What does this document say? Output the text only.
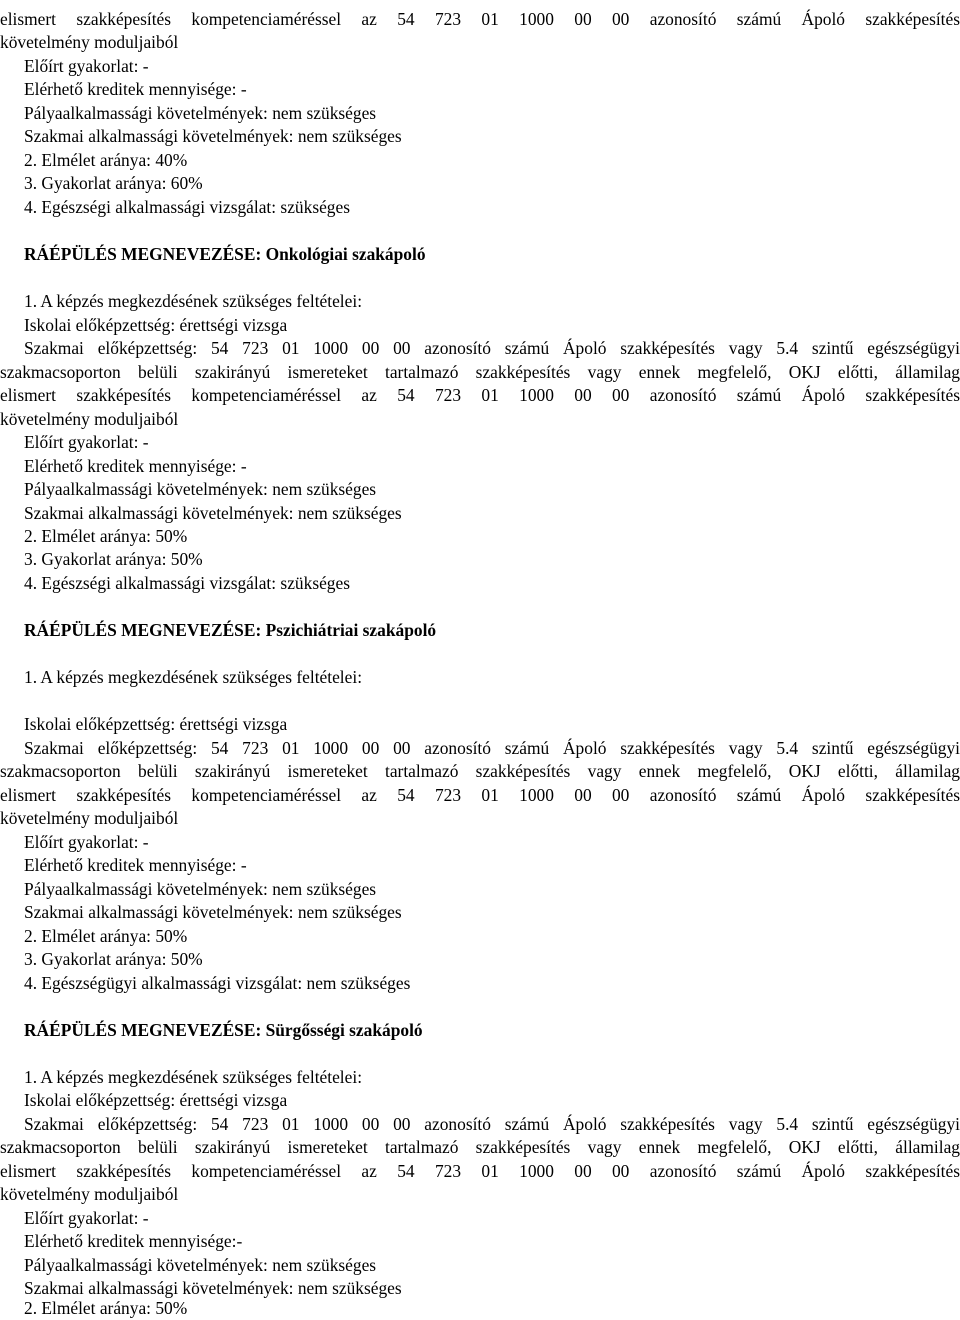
elismert szakképesítés kompetenciaméréssel az 54 723 01 1000 00 00 azonosító számú Ápoló szakképesítés
követelmény moduljaiból
Előírt gyakorlat: -
Elérhető kreditek mennyisége: -
Pályaalkalmassági követelmények: nem szükséges
Szakmai alkalmassági követelmények: nem szükséges
2. Elmélet aránya: 40%
3. Gyakorlat aránya: 60%
4. Egészségi alkalmassági vizsgálat: szükséges
RÁÉPÜLÉS MEGNEVEZÉSE: Onkológiai szakápoló
1. A képzés megkezdésének szükséges feltételei:
Iskolai előképzettség: érettségi vizsga
Szakmai előképzettség: 54 723 01 1000 00 00 azonosító számú Ápoló szakképesítés vagy 5.4 szintű egészségügyi
szakmacsoporton belüli szakirányú ismereteket tartalmazó szakképesítés vagy ennek megfelelő, OKJ előtti, államilag
elismert szakképesítés kompetenciaméréssel az 54 723 01 1000 00 00 azonosító számú Ápoló szakképesítés
követelmény moduljaiból
Előírt gyakorlat: -
Elérhető kreditek mennyisége: -
Pályaalkalmassági követelmények: nem szükséges
Szakmai alkalmassági követelmények: nem szükséges
2. Elmélet aránya: 50%
3. Gyakorlat aránya: 50%
4. Egészségi alkalmassági vizsgálat: szükséges
RÁÉPÜLÉS MEGNEVEZÉSE: Pszichiátriai szakápoló
1. A képzés megkezdésének szükséges feltételei:
Iskolai előképzettség: érettségi vizsga
Szakmai előképzettség: 54 723 01 1000 00 00 azonosító számú Ápoló szakképesítés vagy 5.4 szintű egészségügyi
szakmacsoporton belüli szakirányú ismereteket tartalmazó szakképesítés vagy ennek megfelelő, OKJ előtti, államilag
elismert szakképesítés kompetenciaméréssel az 54 723 01 1000 00 00 azonosító számú Ápoló szakképesítés
követelmény moduljaiból
Előírt gyakorlat: -
Elérhető kreditek mennyisége: -
Pályaalkalmassági követelmények: nem szükséges
Szakmai alkalmassági követelmények: nem szükséges
2. Elmélet aránya: 50%
3. Gyakorlat aránya: 50%
4. Egészségügyi alkalmassági vizsgálat: nem szükséges
RÁÉPÜLÉS MEGNEVEZÉSE: Sürgősségi szakápoló
1. A képzés megkezdésének szükséges feltételei:
Iskolai előképzettség: érettségi vizsga
Szakmai előképzettség: 54 723 01 1000 00 00 azonosító számú Ápoló szakképesítés vagy 5.4 szintű egészségügyi
szakmacsoporton belüli szakirányú ismereteket tartalmazó szakképesítés vagy ennek megfelelő, OKJ előtti, államilag
elismert szakképesítés kompetenciaméréssel az 54 723 01 1000 00 00 azonosító számú Ápoló szakképesítés
követelmény moduljaiból
Előírt gyakorlat: -
Elérhető kreditek mennyisége:-
Pályaalkalmassági követelmények: nem szükséges
Szakmai alkalmassági követelmények: nem szükséges
2. Elmélet aránya: 50%
